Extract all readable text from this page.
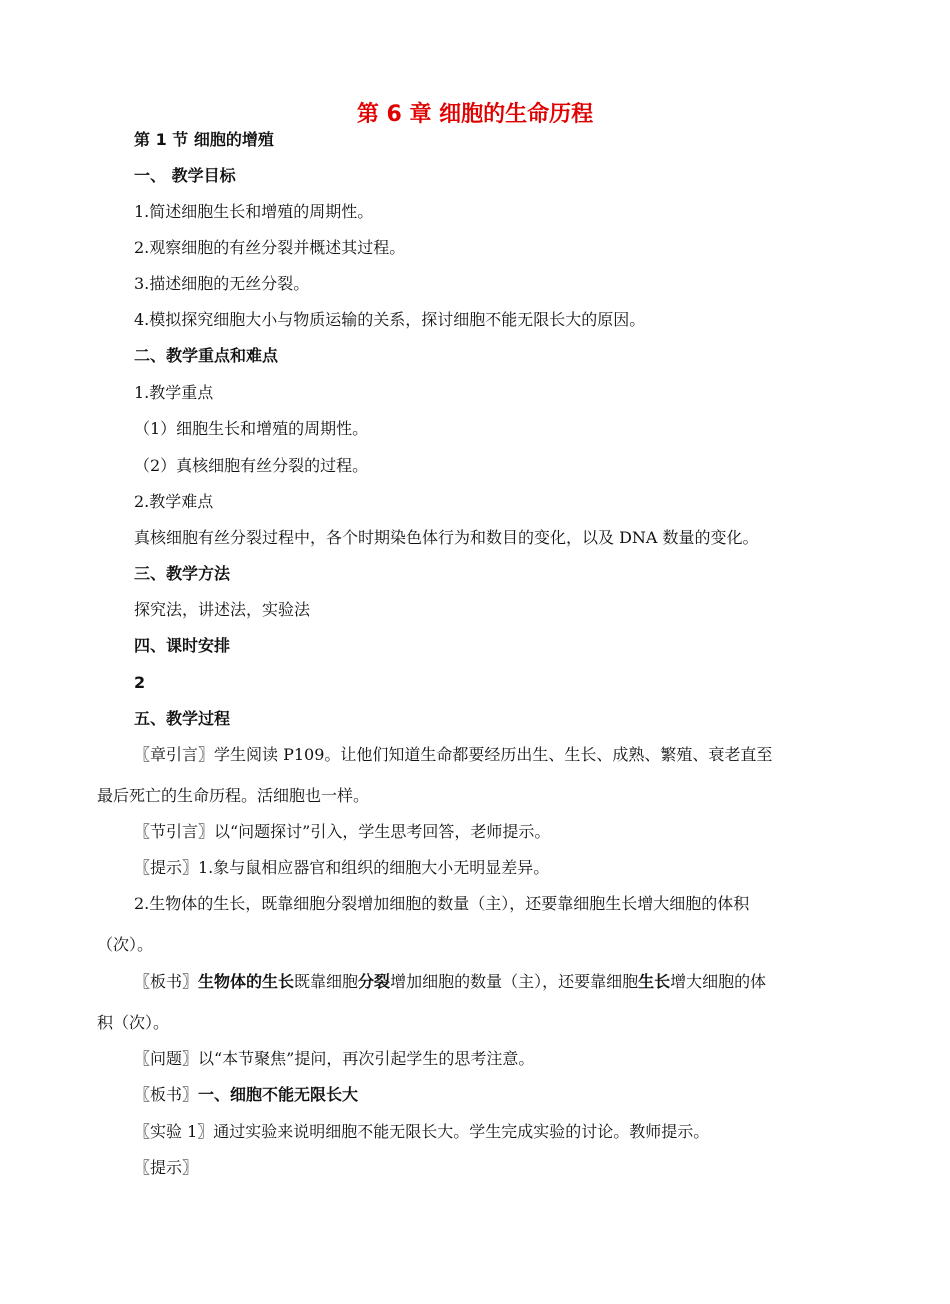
第 6 章 细胞的生命历程
第 1 节 细胞的增殖
一、 教学目标
1.简述细胞生长和增殖的周期性。
2.观察细胞的有丝分裂并概述其过程。
3.描述细胞的无丝分裂。
4.模拟探究细胞大小与物质运输的关系，探讨细胞不能无限长大的原因。
二、教学重点和难点
1.教学重点
（1）细胞生长和增殖的周期性。
（2）真核细胞有丝分裂的过程。
2.教学难点
真核细胞有丝分裂过程中，各个时期染色体行为和数目的变化，以及 DNA 数量的变化。
三、教学方法
探究法，讲述法，实验法
四、课时安排
2
五、教学过程
〖章引言〗学生阅读 P109。让他们知道生命都要经历出生、生长、成熟、繁殖、衰老直至
最后死亡的生命历程。活细胞也一样。
〖节引言〗以“问题探讨”引入，学生思考回答，老师提示。
〖提示〗1.象与鼠相应器官和组织的细胞大小无明显差异。
2.生物体的生长，既靠细胞分裂增加细胞的数量（主），还要靠细胞生长增大细胞的体积
（次）。
〖板书〗生物体的生长既靠细胞分裂增加细胞的数量（主），还要靠细胞生长增大细胞的体
积（次）。
〖问题〗以“本节聚焦”提问，再次引起学生的思考注意。
〖板书〗一、细胞不能无限长大
〖实验 1〗通过实验来说明细胞不能无限长大。学生完成实验的讨论。教师提示。
〖提示〗
